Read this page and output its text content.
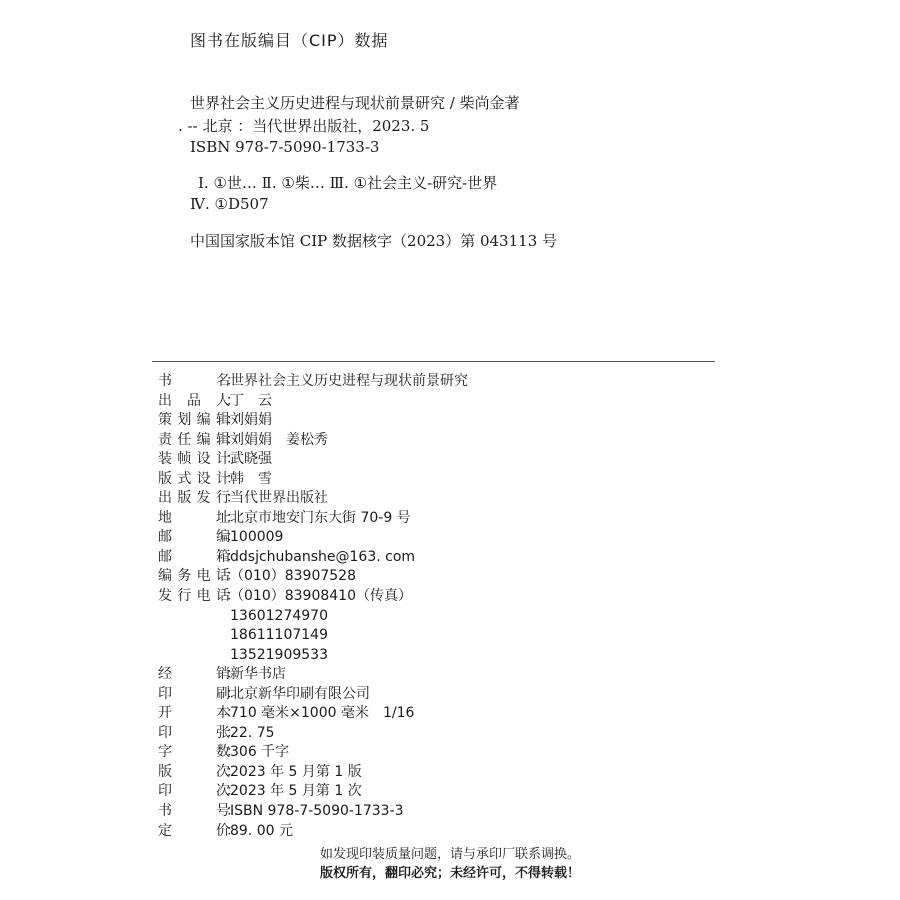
图书在版编目（CIP）数据
世界社会主义历史进程与现状前景研究 / 柴尚金著
. -- 北京 ：当代世界出版社，2023. 5
ISBN 978-7-5090-1733-3
Ⅰ. ①世… Ⅱ. ①柴… Ⅲ. ①社会主义-研究-世界
Ⅳ. ①D507
中国国家版本馆 CIP 数据核字（2023）第 043113 号
书名 世界社会主义历史进程与现状前景研究
出品人 丁　云
策划编辑 刘娟娟
责任编辑 刘娟娟　姜松秀
装帧设计 武晓强
版式设计 韩　雪
出版发行 当代世界出版社
地址 北京市地安门东大街 70-9 号
邮编 100009
邮箱 ddsjchubanshe@163. com
编务电话 （010）83907528
发行电话 （010）83908410（传真）
13601274970
18611107149
13521909533
经销 新华书店
印刷 北京新华印刷有限公司
开本 710 毫米×1000 毫米　1/16
印张 22. 75
字数 306 千字
版次 2023 年 5 月第 1 版
印次 2023 年 5 月第 1 次
书号 ISBN 978-7-5090-1733-3
定价 89. 00 元
如发现印装质量问题，请与承印厂联系调换。
版权所有，翻印必究；未经许可，不得转载！
